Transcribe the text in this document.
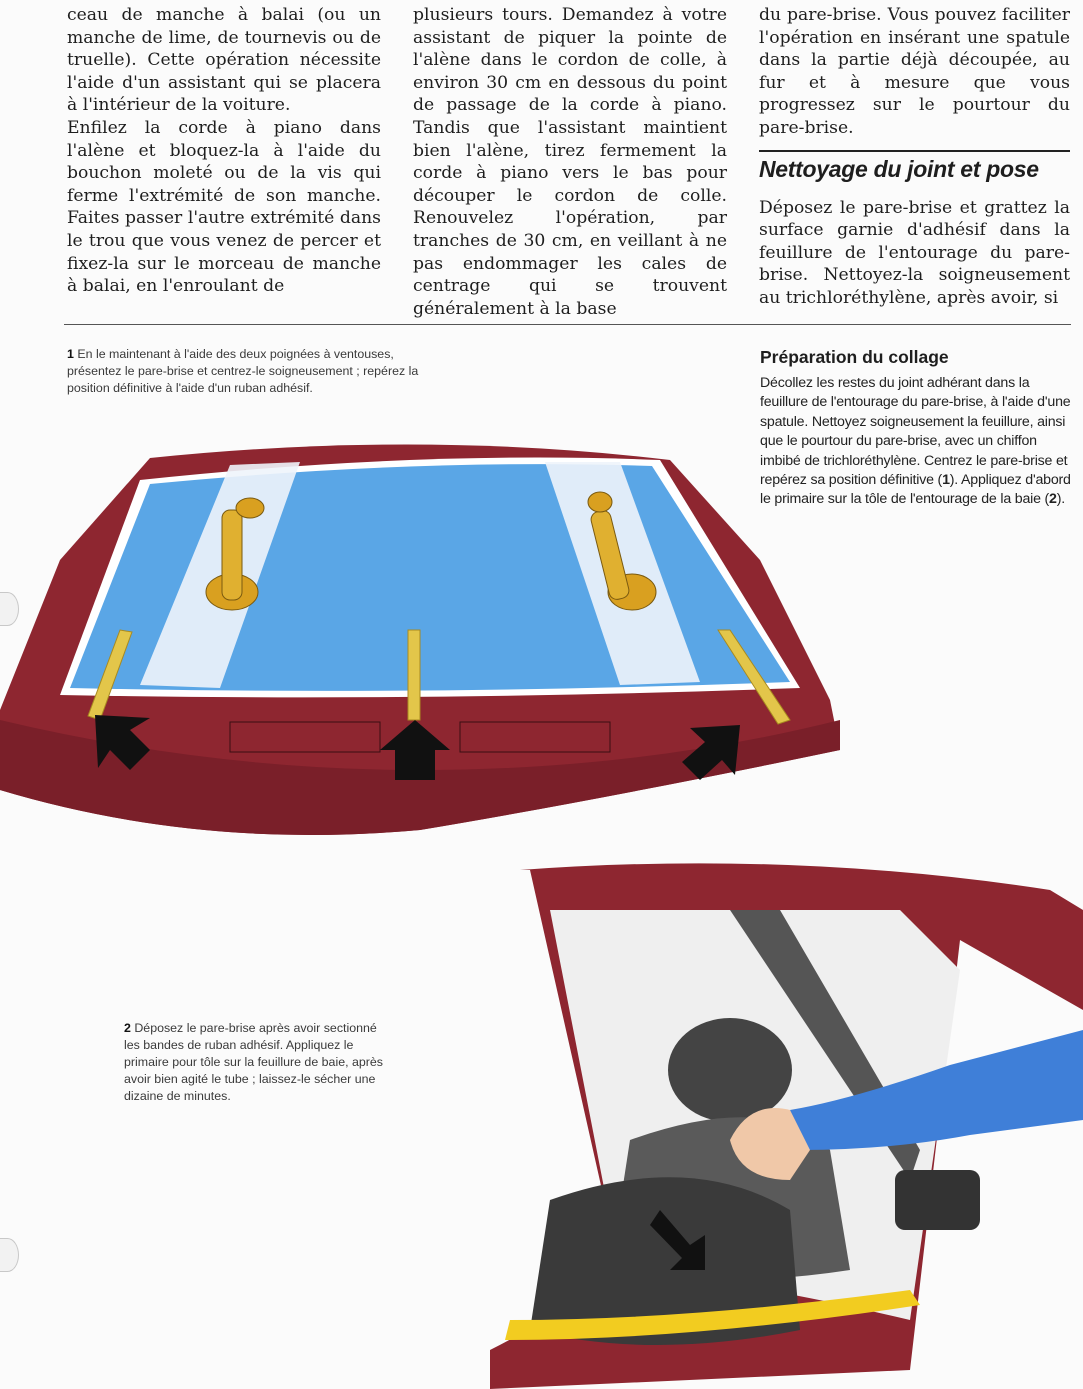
ceau de manche à balai (ou un manche de lime, de tournevis ou de truelle). Cette opération nécessite l'aide d'un assistant qui se placera à l'intérieur de la voiture.

Enfilez la corde à piano dans l'alène et bloquez-la à l'aide du bouchon moleté ou de la vis qui ferme l'extrémité de son manche. Faites passer l'autre extrémité dans le trou que vous venez de percer et fixez-la sur le morceau de manche à balai, en l'enroulant de

plusieurs tours. Demandez à votre assistant de piquer la pointe de l'alène dans le cordon de colle, à environ 30 cm en dessous du point de passage de la corde à piano. Tandis que l'assistant maintient bien l'alène, tirez fermement la corde à piano vers le bas pour découper le cordon de colle. Renouvelez l'opération, par tranches de 30 cm, en veillant à ne pas endommager les cales de centrage qui se trouvent généralement à la base

du pare-brise. Vous pouvez faciliter l'opération en insérant une spatule dans la partie déjà découpée, au fur et à mesure que vous progressez sur le pourtour du pare-brise.

Nettoyage du joint et pose

Déposez le pare-brise et grattez la surface garnie d'adhésif dans la feuillure de l'entourage du pare-brise. Nettoyez-la soigneusement au trichloréthylène, après avoir, si

1 En le maintenant à l'aide des deux poignées à ventouses, présentez le pare-brise et centrez-le soigneusement ; repérez la position définitive à l'aide d'un ruban adhésif.

Préparation du collage

Décollez les restes du joint adhérant dans la feuillure de l'entourage du pare-brise, à l'aide d'une spatule. Nettoyez soigneusement la feuillure, ainsi que le pourtour du pare-brise, avec un chiffon imbibé de trichloréthylène. Centrez le pare-brise et repérez sa position définitive (1). Appliquez d'abord le primaire sur la tôle de l'entourage de la baie (2).

2 Déposez le pare-brise après avoir sectionné les bandes de ruban adhésif. Appliquez le primaire pour tôle sur la feuillure de baie, après avoir bien agité le tube ; laissez-le sécher une dizaine de minutes.
